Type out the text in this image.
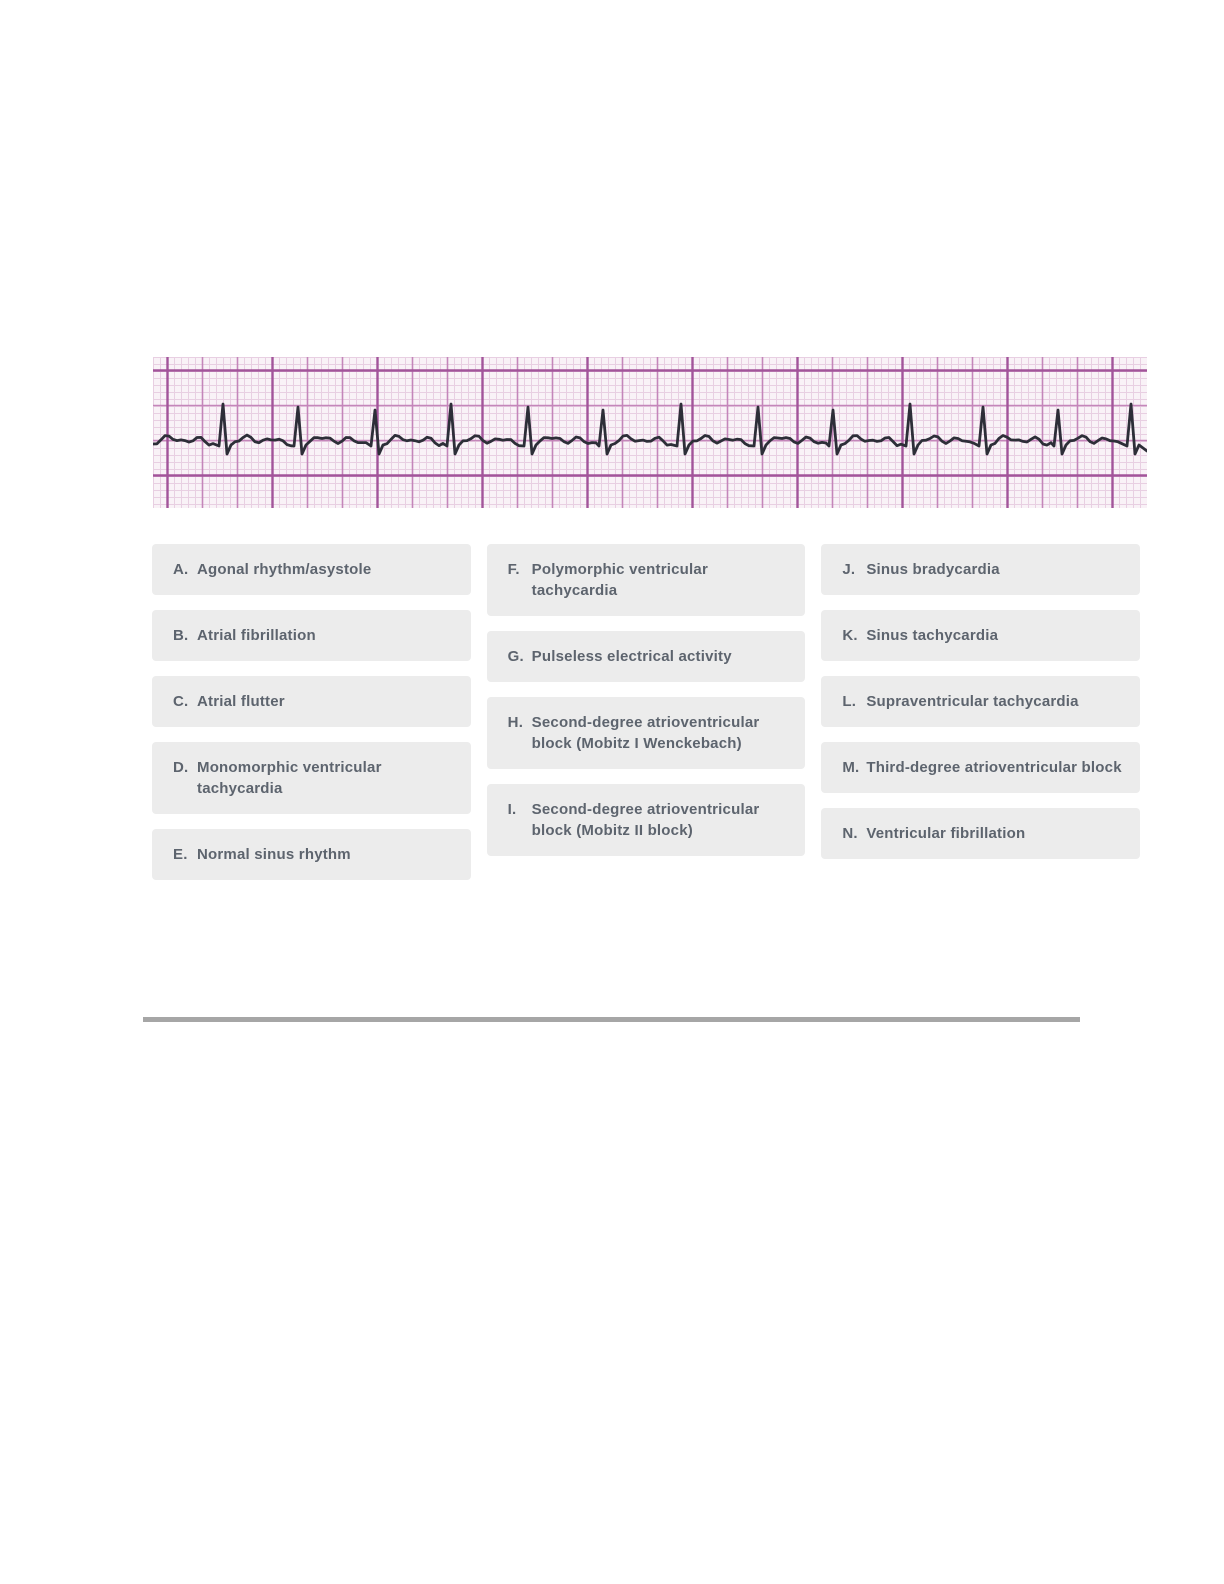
A. Agonal rhythm/asystole
B. Atrial fibrillation
C. Atrial flutter
D. Monomorphic ventricular tachycardia
E. Normal sinus rhythm
F. Polymorphic ventricular tachycardia
G. Pulseless electrical activity
H. Second-degree atrioventricular block (Mobitz I Wenckebach)
I.	Second-degree atrioventricular block (Mobitz II block)
J. Sinus bradycardia
K. Sinus tachycardia
L. Supraventricular tachycardia
M. Third-degree atrioventricular block
N. Ventricular fibrillation
